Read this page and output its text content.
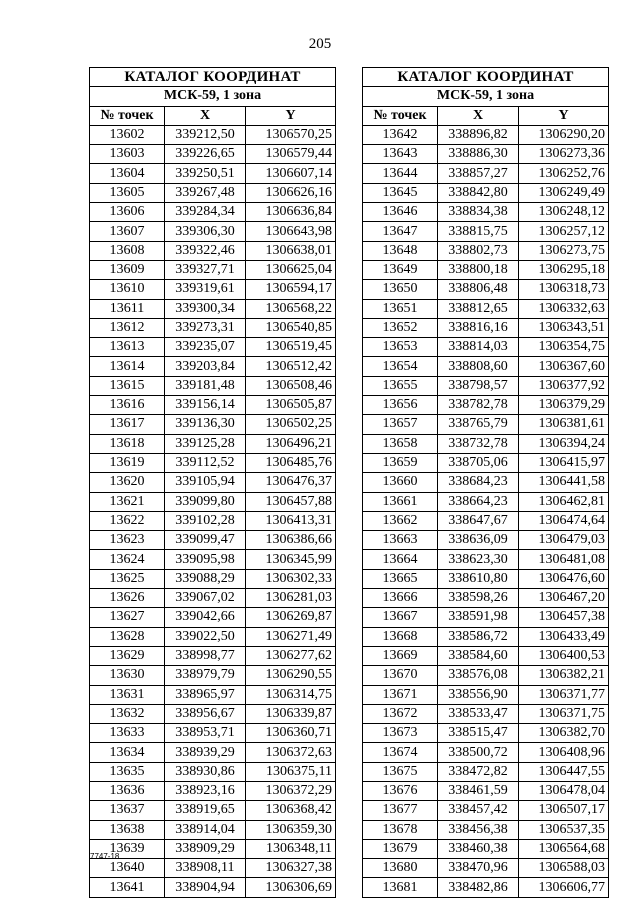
205
КАТАЛОГ КООРДИНАТ		
МСК-59, 1 зона		
№ точек	X	Y
13602	339212,50	1306570,25
13603	339226,65	1306579,44
13604	339250,51	1306607,14
13605	339267,48	1306626,16
13606	339284,34	1306636,84
13607	339306,30	1306643,98
13608	339322,46	1306638,01
13609	339327,71	1306625,04
13610	339319,61	1306594,17
13611	339300,34	1306568,22
13612	339273,31	1306540,85
13613	339235,07	1306519,45
13614	339203,84	1306512,42
13615	339181,48	1306508,46
13616	339156,14	1306505,87
13617	339136,30	1306502,25
13618	339125,28	1306496,21
13619	339112,52	1306485,76
13620	339105,94	1306476,37
13621	339099,80	1306457,88
13622	339102,28	1306413,31
13623	339099,47	1306386,66
13624	339095,98	1306345,99
13625	339088,29	1306302,33
13626	339067,02	1306281,03
13627	339042,66	1306269,87
13628	339022,50	1306271,49
13629	338998,77	1306277,62
13630	338979,79	1306290,55
13631	338965,97	1306314,75
13632	338956,67	1306339,87
13633	338953,71	1306360,71
13634	338939,29	1306372,63
13635	338930,86	1306375,11
13636	338923,16	1306372,29
13637	338919,65	1306368,42
13638	338914,04	1306359,30
13639	338909,29	1306348,11
13640	338908,11	1306327,38
13641	338904,94	1306306,69
КАТАЛОГ КООРДИНАТ		
МСК-59, 1 зона		
№ точек	X	Y
13642	338896,82	1306290,20
13643	338886,30	1306273,36
13644	338857,27	1306252,76
13645	338842,80	1306249,49
13646	338834,38	1306248,12
13647	338815,75	1306257,12
13648	338802,73	1306273,75
13649	338800,18	1306295,18
13650	338806,48	1306318,73
13651	338812,65	1306332,63
13652	338816,16	1306343,51
13653	338814,03	1306354,75
13654	338808,60	1306367,60
13655	338798,57	1306377,92
13656	338782,78	1306379,29
13657	338765,79	1306381,61
13658	338732,78	1306394,24
13659	338705,06	1306415,97
13660	338684,23	1306441,58
13661	338664,23	1306462,81
13662	338647,67	1306474,64
13663	338636,09	1306479,03
13664	338623,30	1306481,08
13665	338610,80	1306476,60
13666	338598,26	1306467,20
13667	338591,98	1306457,38
13668	338586,72	1306433,49
13669	338584,60	1306400,53
13670	338576,08	1306382,21
13671	338556,90	1306371,77
13672	338533,47	1306371,75
13673	338515,47	1306382,70
13674	338500,72	1306408,96
13675	338472,82	1306447,55
13676	338461,59	1306478,04
13677	338457,42	1306507,17
13678	338456,38	1306537,35
13679	338460,38	1306564,68
13680	338470,96	1306588,03
13681	338482,86	1306606,77
7747-18
